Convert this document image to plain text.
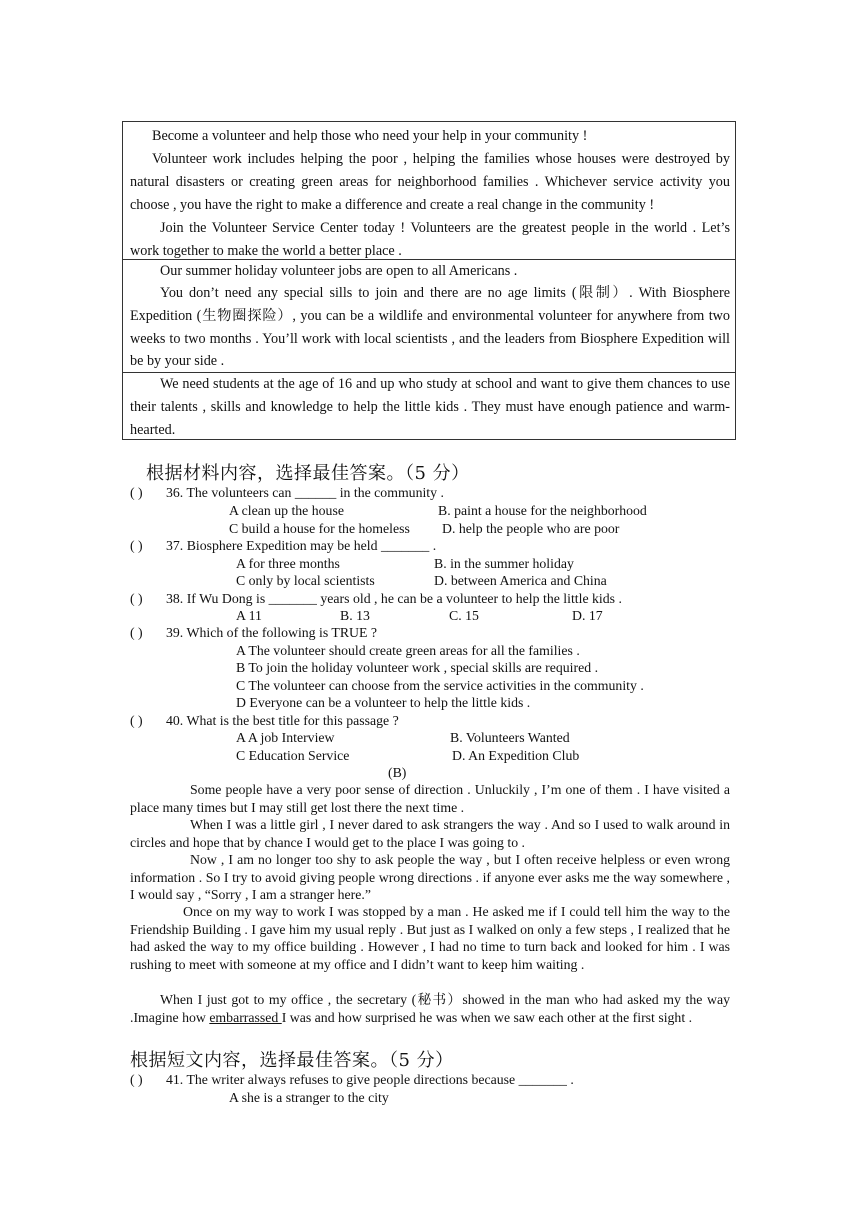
Become a volunteer and help those who need your help in your community !
Volunteer work includes helping the poor , helping the families whose houses were destroyed by natural disasters or creating green areas for neighborhood families . Whichever service activity you choose , you have the right to make a difference and create a real change in the community !
Join the Volunteer Service Center today ! Volunteers are the greatest people in the world . Let’s work together to make the world a better place .
Our summer holiday volunteer jobs are open to all Americans .
You don’t need any special sills to join and there are no age limits (限制）. With Biosphere Expedition (生物圈探险）, you can be a wildlife and environmental volunteer for anywhere from two weeks to two months . You’ll work with local scientists , and the leaders from Biosphere Expedition will be by your side .
We need students at the age of 16 and up who study at school and want to give them chances to use their talents , skills and knowledge to help the little kids . They must have enough patience and warm-hearted.
根据材料内容，选择最佳答案。（5 分）
( ) 36. The volunteers can ______ in the community .
A clean up the house	B. paint a house for the neighborhood
C build a house for the homeless D. help the people who are poor
( ) 37. Biosphere Expedition may be held _______ .
A for three months	B. in the summer holiday
C only by local scientists	D. between America and China
( ) 38. If Wu Dong is _______ years old , he can be a volunteer to help the little kids .
A 11	B. 13	C. 15	D. 17
( ) 39. Which of the following is TRUE ?
A The volunteer should create green areas for all the families .
B To join the holiday volunteer work , special skills are required .
C The volunteer can choose from the service activities in the community .
D Everyone can be a volunteer to help the little kids .
( ) 40. What is the best title for this passage ?
A A job Interview	B. Volunteers Wanted
C Education Service	D. An Expedition Club
(B)
Some people have a very poor sense of direction . Unluckily , I’m one of them . I have visited a place many times but I may still get lost there the next time .
When I was a little girl , I never dared to ask strangers the way . And so I used to walk around in circles and hope that by chance I would get to the place I was going to .
Now , I am no longer too shy to ask people the way , but I often receive helpless or even wrong information . So I try to avoid giving people wrong directions . if anyone ever asks me the way somewhere , I would say , “Sorry , I am a stranger here.”
Once on my way to work I was stopped by a man . He asked me if I could tell him the way to the Friendship Building . I gave him my usual reply . But just as I walked on only a few steps , I realized that he had asked the way to my office building . However , I had no time to turn back and looked for him . I was rushing to meet with someone at my office and I didn’t want to keep him waiting .
When I just got to my office , the secretary (秘书）showed in the man who had asked my the way .Imagine how embarrassed I was and how surprised he was when we saw each other at the first sight .
根据短文内容，选择最佳答案。（5 分）
( ) 41. The writer always refuses to give people directions because _______ .
A she is a stranger to the city
